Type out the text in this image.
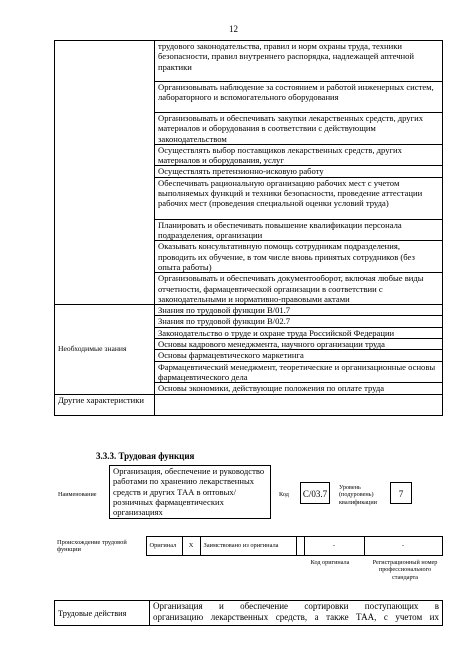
12
	трудового законодательства, правил и норм охраны труда, техники безопасности, правил внутреннего распорядка, надлежащей аптечной практики
	Организовывать наблюдение за состоянием и работой инженерных систем, лабораторного и вспомогательного оборудования
	Организовывать и обеспечивать закупки лекарственных средств, других материалов и оборудования в соответствии с действующим законодательством
	Осуществлять выбор поставщиков лекарственных средств, других материалов и оборудования, услуг
	Осуществлять претензионно-исковую работу
	Обеспечивать рациональную организацию рабочих мест с учетом выполняемых функций и техники безопасности, проведение аттестации рабочих мест (проведения специальной оценки условий труда)
	Планировать и обеспечивать повышение квалификации персонала подразделения, организации
	Оказывать консультативную помощь сотрудникам подразделения, проводить их обучение, в том числе вновь принятых сотрудников (без опыта работы)
	Организовывать и обеспечивать документооборот, включая любые виды отчетности, фармацевтической организации в соответствии с законодательными и нормативно-правовыми актами
Необходимые знания	Знания по трудовой функции В/01.7
	Знания по трудовой функции В/02.7
	Законодательство о труде и охране труда Российской Федерации
	Основы кадрового менеджмента, научного организации труда
	Основы фармацевтического маркетинга
	Фармацевтический менеджмент, теоретические и организационные основы фармацевтического дела
	Основы экономики, действующие положения по оплате труда
Другие характеристики	
3.3.3. Трудовая функция
Наименование
Организация, обеспечение и руководство работами по хранению лекарственных средств и других ТАА в оптовых/розничных фармацевтических организациях
Код	C/03.7
Уровень (подуровень) квалификации
7
Происхождение трудовой функции	Оригинал	X	Заимствовано из оригинала		-	-
Код оригинала	Регистрационный номер профессионального стандарта
Трудовые действия	
Организация и обеспечение сортировки поступающих в
организацию лекарственных средств, а также ТАА, с учетом их
